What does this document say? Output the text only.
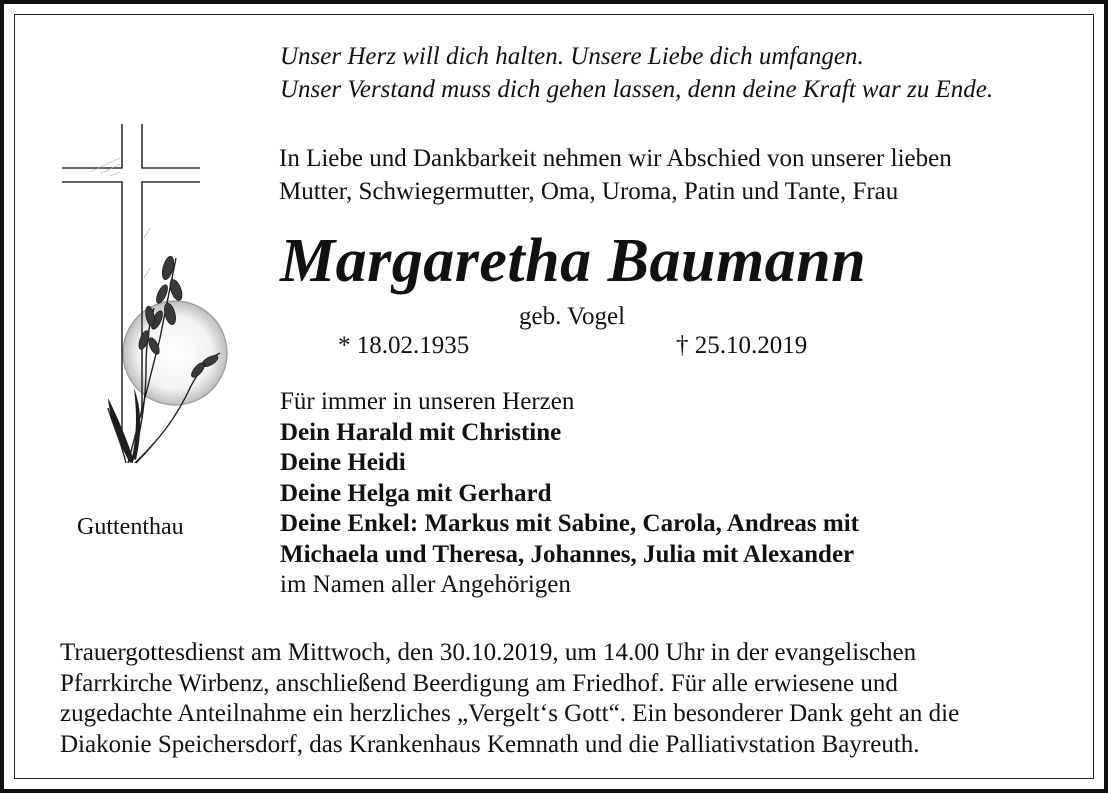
Unser Herz will dich halten. Unsere Liebe dich umfangen.
Unser Verstand muss dich gehen lassen, denn deine Kraft war zu Ende.
In Liebe und Dankbarkeit nehmen wir Abschied von unserer lieben
Mutter, Schwiegermutter, Oma, Uroma, Patin und Tante, Frau
Margaretha Baumann
geb. Vogel
* 18.02.1935	† 25.10.2019
Für immer in unseren Herzen
Dein Harald mit Christine
Deine Heidi
Deine Helga mit Gerhard
Deine Enkel: Markus mit Sabine, Carola, Andreas mit
Michaela und Theresa, Johannes, Julia mit Alexander
im Namen aller Angehörigen
Guttenthau
Trauergottesdienst am Mittwoch, den 30.10.2019, um 14.00 Uhr in der evangelischen
Pfarrkirche Wirbenz, anschließend Beerdigung am Friedhof. Für alle erwiesene und
zugedachte Anteilnahme ein herzliches „Vergelt‘s Gott“. Ein besonderer Dank geht an die
Diakonie Speichersdorf, das Krankenhaus Kemnath und die Palliativstation Bayreuth.
